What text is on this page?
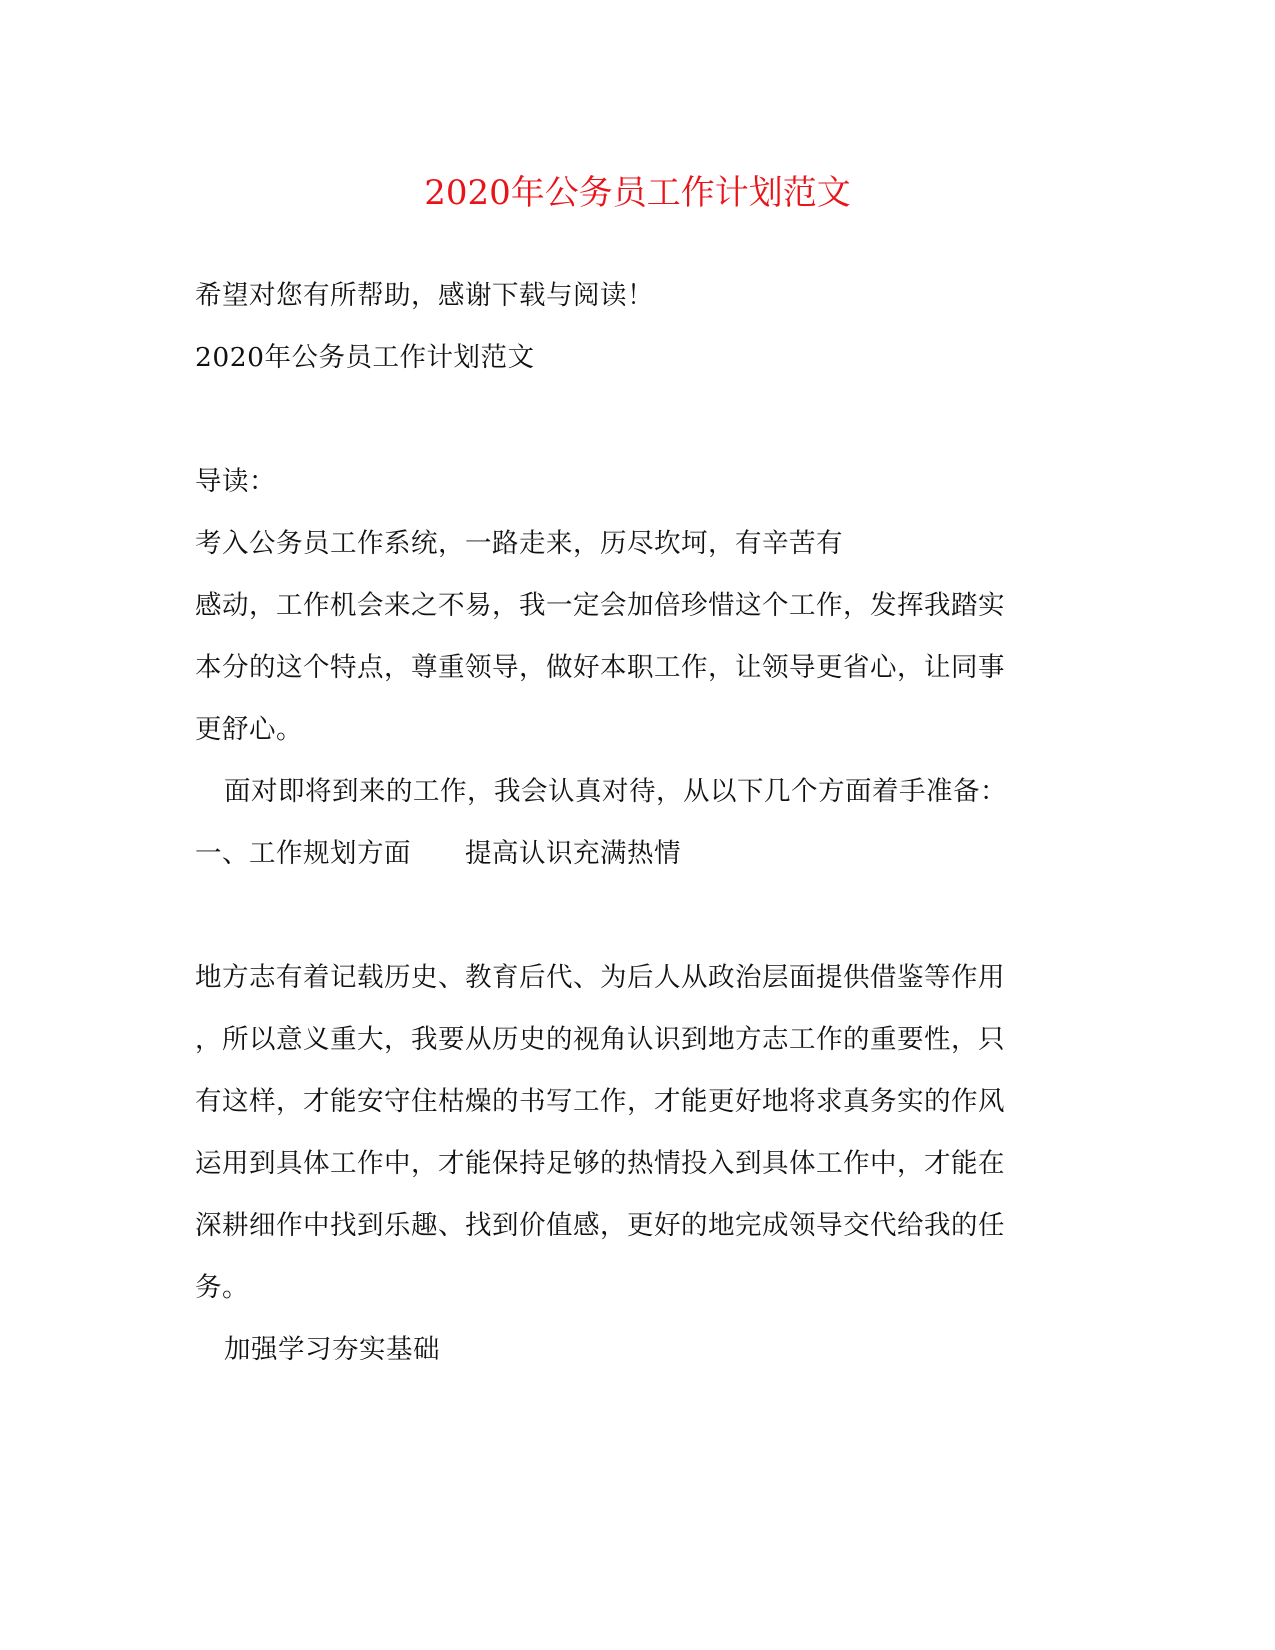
2020年公务员工作计划范文
希望对您有所帮助，感谢下载与阅读！
2020年公务员工作计划范文
导读：
考入公务员工作系统，一路走来，历尽坎坷，有辛苦有
感动，工作机会来之不易，我一定会加倍珍惜这个工作，发挥我踏实
本分的这个特点，尊重领导，做好本职工作，让领导更省心，让同事
更舒心。
面对即将到来的工作，我会认真对待，从以下几个方面着手准备：
一、工作规划方面　　提高认识充满热情
地方志有着记载历史、教育后代、为后人从政治层面提供借鉴等作用
，所以意义重大，我要从历史的视角认识到地方志工作的重要性，只
有这样，才能安守住枯燥的书写工作，才能更好地将求真务实的作风
运用到具体工作中，才能保持足够的热情投入到具体工作中，才能在
深耕细作中找到乐趣、找到价值感，更好的地完成领导交代给我的任
务。
加强学习夯实基础
